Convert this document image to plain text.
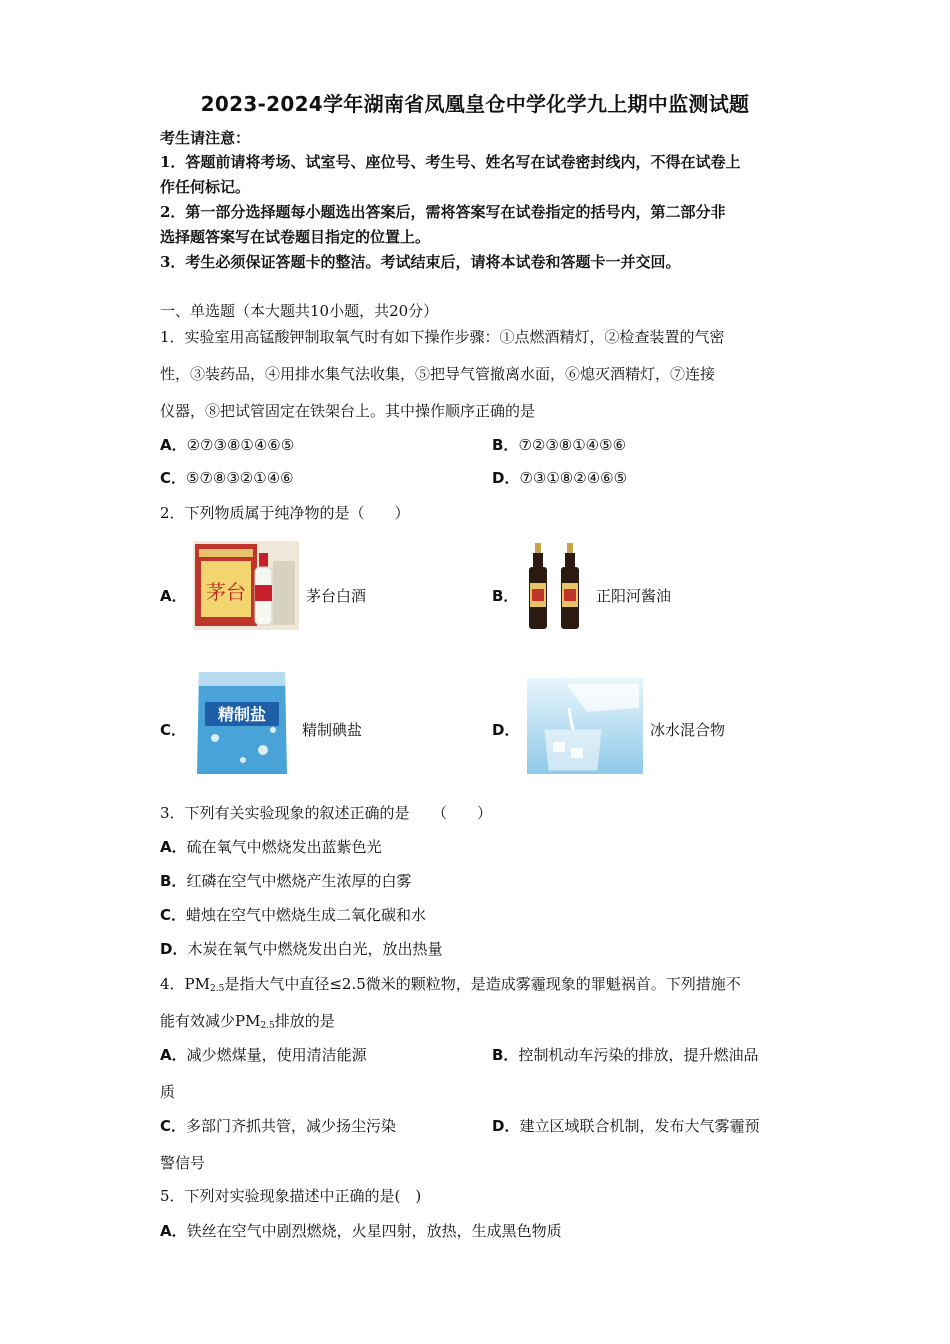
2023-2024学年湖南省凤凰皇仓中学化学九上期中监测试题
考生请注意：
1．答题前请将考场、试室号、座位号、考生号、姓名写在试卷密封线内，不得在试卷上
作任何标记。
2．第一部分选择题每小题选出答案后，需将答案写在试卷指定的括号内，第二部分非
选择题答案写在试卷题目指定的位置上。
3．考生必须保证答题卡的整洁。考试结束后，请将本试卷和答题卡一并交回。
一、单选题（本大题共10小题，共20分）
1．实验室用高锰酸钾制取氧气时有如下操作步骤：①点燃酒精灯，②检查装置的气密
性，③装药品，④用排水集气法收集，⑤把导气管撤离水面，⑥熄灭酒精灯，⑦连接
仪器，⑧把试管固定在铁架台上。其中操作顺序正确的是
A．②⑦③⑧①④⑥⑤	B．⑦②③⑧①④⑤⑥
C．⑤⑦⑧③②①④⑥	D．⑦③①⑧②④⑥⑤
2．下列物质属于纯净物的是（　　）
A． 茅台	茅台白酒	B．	正阳河酱油
C．
精制盐
精制碘盐	D．	冰水混合物
3．下列有关实验现象的叙述正确的是　　（　　）
A．硫在氧气中燃烧发出蓝紫色光
B．红磷在空气中燃烧产生浓厚的白雾
C．蜡烛在空气中燃烧生成二氧化碳和水
D．木炭在氧气中燃烧发出白光，放出热量
4．$PM_{2.5}$是指大气中直径≤2.5微米的颗粒物，是造成雾霾现象的罪魁祸首。下列措施不
能有效减少$PM_{2.5}$排放的是
A．减少燃煤量，使用清洁能源	B．控制机动车污染的排放，提升燃油品
质
C．多部门齐抓共管，减少扬尘污染	D．建立区域联合机制，发布大气雾霾预
警信号
5．下列对实验现象描述中正确的是(　)
A．铁丝在空气中剧烈燃烧，火星四射，放热，生成黑色物质
